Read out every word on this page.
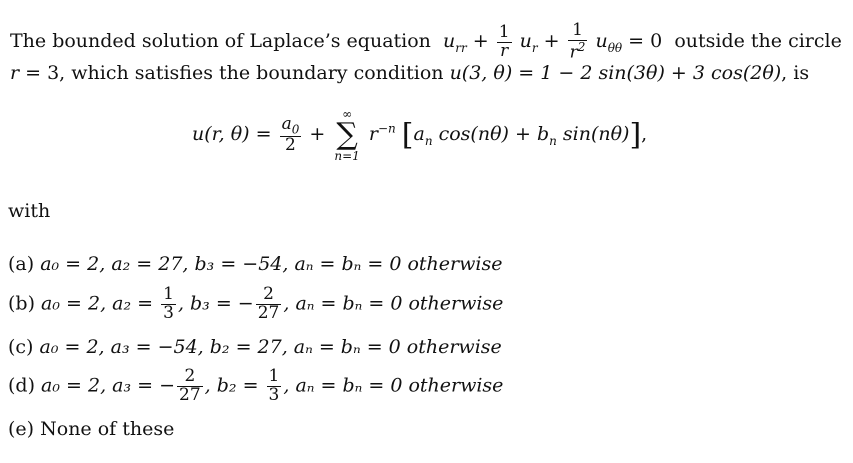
The bounded solution of Laplace’s equation $u_{rr} + \frac{1}{r} u_r + \frac{1}{r^2} u_{\theta\theta} = 0$ outside the circle
r = 3, which satisfies the boundary condition u(3, θ) = 1 − 2 sin(3θ) + 3 cos(2θ), is
u(r, $\theta) = \frac{a_0}{2}$ +
∞
∑
n=1
$r^{-n}$ [$a_n$ $\cos(n\theta) + b_n$ sin(nθ)],
with
(a) a₀ = 2, a₂ = 27, b₃ = −54, aₙ = bₙ = 0 otherwise
(b) a₀ = 2, $a_2 = \frac{1}{3}$ , b₃ = − $\frac{2}{27}$ , aₙ = bₙ = 0 otherwise
(c) a₀ = 2, a₃ = −54, b₂ = 27, aₙ = bₙ = 0 otherwise
(d) a₀ = 2, a₃ = − $\frac{2}{27}$ , $b_2 = \frac{1}{3}$ , aₙ = bₙ = 0 otherwise
(e) None of these
